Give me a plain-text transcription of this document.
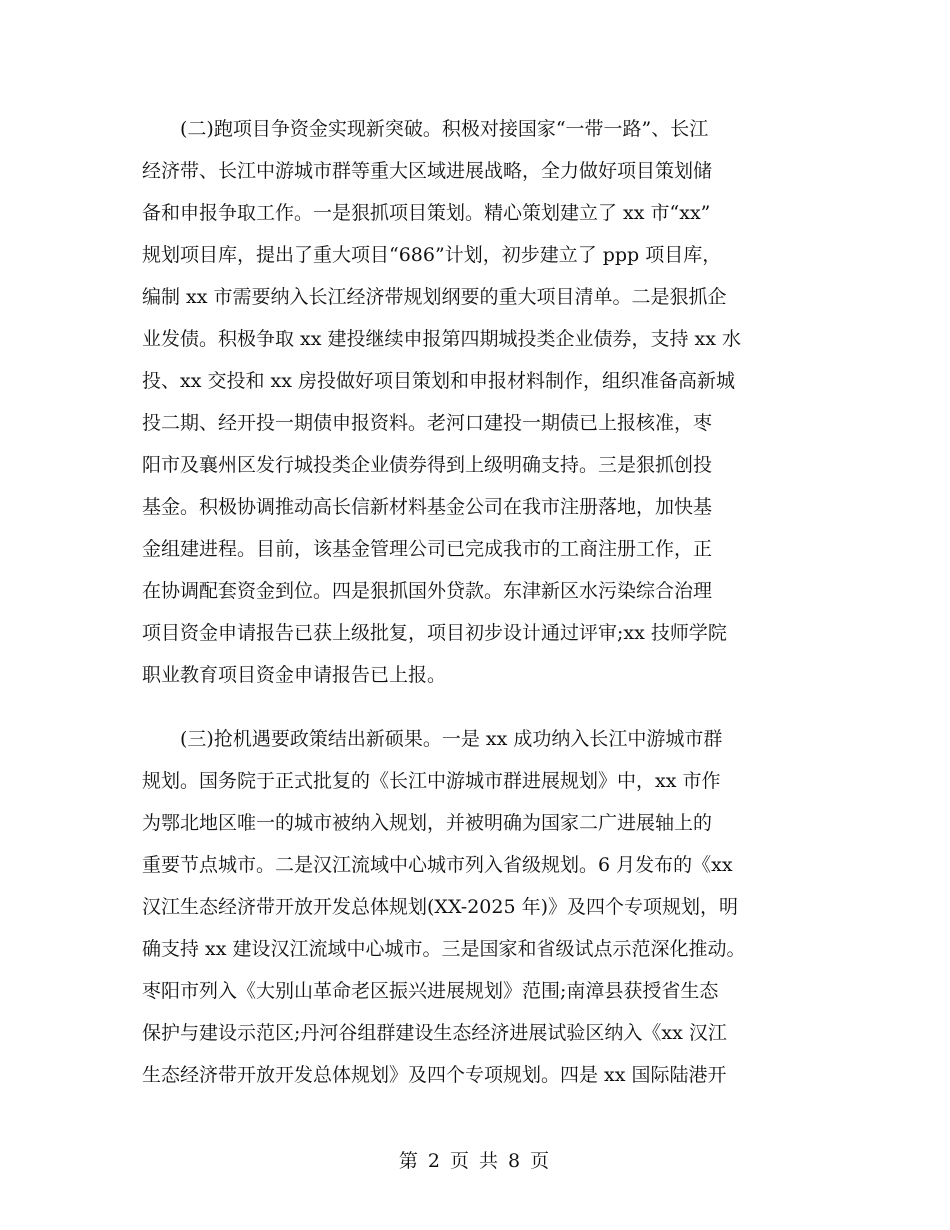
(二)跑项目争资金实现新突破。积极对接国家“一带一路”、长江
经济带、长江中游城市群等重大区域进展战略，全力做好项目策划储
备和申报争取工作。一是狠抓项目策划。精心策划建立了 xx 市“xx”
规划项目库，提出了重大项目“686”计划，初步建立了 ppp 项目库，
编制 xx 市需要纳入长江经济带规划纲要的重大项目清单。二是狠抓企
业发债。积极争取 xx 建投继续申报第四期城投类企业债券，支持 xx 水
投、xx 交投和 xx 房投做好项目策划和申报材料制作，组织准备高新城
投二期、经开投一期债申报资料。老河口建投一期债已上报核准，枣
阳市及襄州区发行城投类企业债券得到上级明确支持。三是狠抓创投
基金。积极协调推动高长信新材料基金公司在我市注册落地，加快基
金组建进程。目前，该基金管理公司已完成我市的工商注册工作，正
在协调配套资金到位。四是狠抓国外贷款。东津新区水污染综合治理
项目资金申请报告已获上级批复，项目初步设计通过评审;xx 技师学院
职业教育项目资金申请报告已上报。
(三)抢机遇要政策结出新硕果。一是 xx 成功纳入长江中游城市群
规划。国务院于正式批复的《长江中游城市群进展规划》中，xx 市作
为鄂北地区唯一的城市被纳入规划，并被明确为国家二广进展轴上的
重要节点城市。二是汉江流域中心城市列入省级规划。6 月发布的《xx
汉江生态经济带开放开发总体规划(XX-2025 年)》及四个专项规划，明
确支持 xx 建设汉江流域中心城市。三是国家和省级试点示范深化推动。
枣阳市列入《大别山革命老区振兴进展规划》范围;南漳县获授省生态
保护与建设示范区;丹河谷组群建设生态经济进展试验区纳入《xx 汉江
生态经济带开放开发总体规划》及四个专项规划。四是 xx 国际陆港开
第 2 页 共 8 页
